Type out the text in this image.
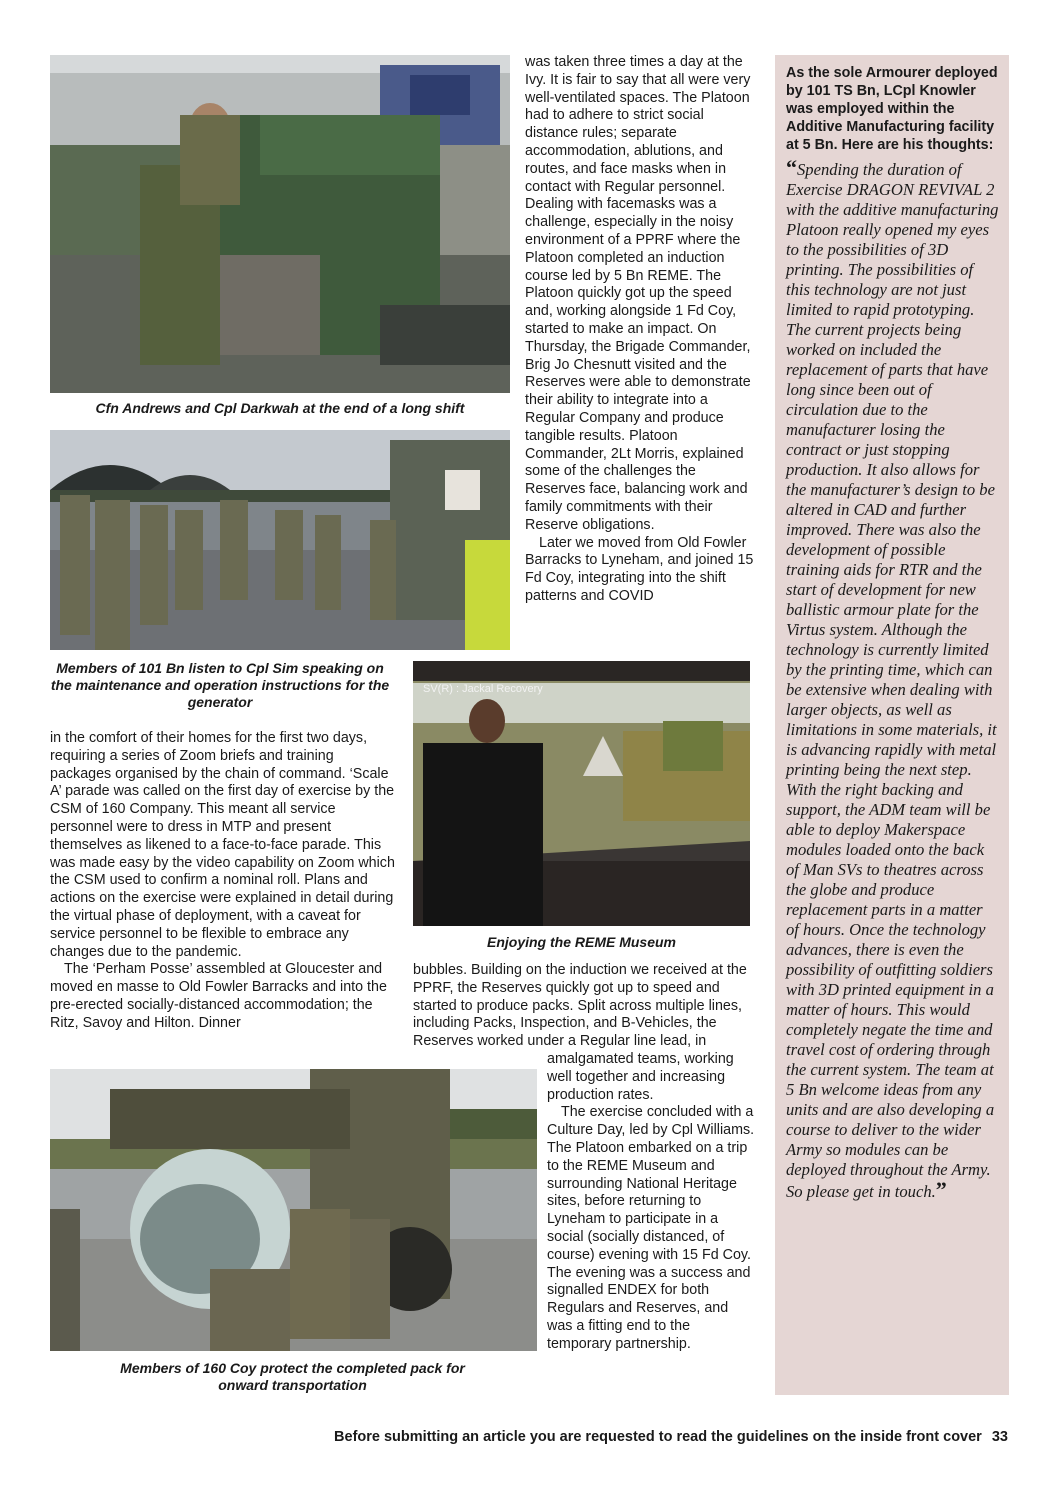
Cfn Andrews and Cpl Darkwah at the end of a long shift
Members of 101 Bn listen to Cpl Sim speaking on the maintenance and operation instructions for the generator
SV(R) : Jackal Recovery
Enjoying the REME Museum
Members of 160 Coy protect the completed pack for onward transportation

was taken three times a day at the Ivy. It is fair to say that all were very well-ventilated spaces. The Platoon had to adhere to strict social distance rules; separate accommodation, ablutions, and routes, and face masks when in contact with Regular personnel. Dealing with facemasks was a challenge, especially in the noisy environment of a PPRF where the Platoon completed an induction course led by 5 Bn REME. The Platoon quickly got up the speed and, working alongside 1 Fd Coy, started to make an impact. On Thursday, the Brigade Commander, Brig Jo Chesnutt visited and the Reserves were able to demonstrate their ability to integrate into a Regular Company and produce tangible results. Platoon Commander, 2Lt Morris, explained some of the challenges the Reserves face, balancing work and family commitments with their Reserve obligations.

Later we moved from Old Fowler Barracks to Lyneham, and joined 15 Fd Coy, integrating into the shift patterns and COVID

in the comfort of their homes for the first two days, requiring a series of Zoom briefs and training packages organised by the chain of command. ‘Scale A’ parade was called on the first day of exercise by the CSM of 160 Company. This meant all service personnel were to dress in MTP and present themselves as likened to a face-to-face parade. This was made easy by the video capability on Zoom which the CSM used to confirm a nominal roll. Plans and actions on the exercise were explained in detail during the virtual phase of deployment, with a caveat for service personnel to be flexible to embrace any changes due to the pandemic.

The ‘Perham Posse’ assembled at Gloucester and moved en masse to Old Fowler Barracks and into the pre-erected socially-distanced accommodation; the Ritz, Savoy and Hilton. Dinner

bubbles. Building on the induction we received at the PPRF, the Reserves quickly got up to speed and started to produce packs. Split across multiple lines, including Packs, Inspection, and B-Vehicles, the Reserves worked under a Regular line lead, in

amalgamated teams, working well together and increasing production rates.

The exercise concluded with a Culture Day, led by Cpl Williams. The Platoon embarked on a trip to the REME Museum and surrounding National Heritage sites, before returning to Lyneham to participate in a social (socially distanced, of course) evening with 15 Fd Coy. The evening was a success and signalled ENDEX for both Regulars and Reserves, and was a fitting end to the temporary partnership.

As the sole Armourer deployed by 101 TS Bn, LCpl Knowler was employed within the Additive Manufacturing facility at 5 Bn. Here are his thoughts:

“Spending the duration of Exercise DRAGON REVIVAL 2 with the additive manufacturing Platoon really opened my eyes to the possibilities of 3D printing. The possibilities of this technology are not just limited to rapid prototyping. The current projects being worked on included the replacement of parts that have long since been out of circulation due to the manufacturer losing the contract or just stopping production. It also allows for the manufacturer’s design to be altered in CAD and further improved. There was also the development of possible training aids for RTR and the start of development for new ballistic armour plate for the Virtus system. Although the technology is currently limited by the printing time, which can be extensive when dealing with larger objects, as well as limitations in some materials, it is advancing rapidly with metal printing being the next step. With the right backing and support, the ADM team will be able to deploy Makerspace modules loaded onto the back of Man SVs to theatres across the globe and produce replacement parts in a matter of hours. Once the technology advances, there is even the possibility of outfitting soldiers with 3D printed equipment in a matter of hours. This would completely negate the time and travel cost of ordering through the current system. The team at 5 Bn welcome ideas from any units and are also developing a course to deliver to the wider Army so modules can be deployed throughout the Army. So please get in touch.”

Before submitting an article you are requested to read the guidelines on the inside front cover 33
